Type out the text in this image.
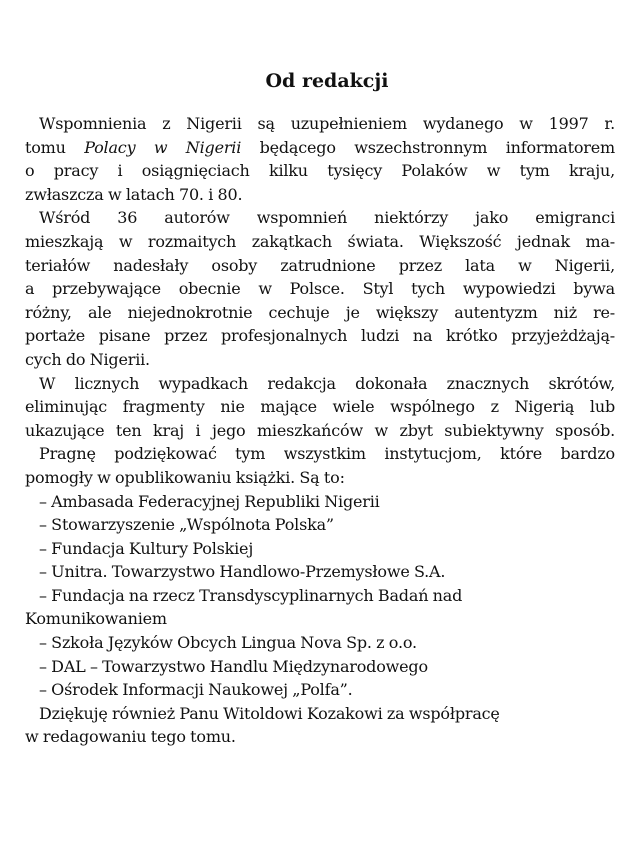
Od redakcji
Wspomnienia z Nigerii są uzupełnieniem wydanego w 1997 r.
tomu Polacy w Nigerii będącego wszechstronnym informatorem
o pracy i osiągnięciach kilku tysięcy Polaków w tym kraju,
zwłaszcza w latach 70. i 80.
Wśród 36 autorów wspomnień niektórzy jako emigranci
mieszkają w rozmaitych zakątkach świata. Większość jednak ma-
teriałów nadesłały osoby zatrudnione przez lata w Nigerii,
a przebywające obecnie w Polsce. Styl tych wypowiedzi bywa
różny, ale niejednokrotnie cechuje je większy autentyzm niż re-
portaże pisane przez profesjonalnych ludzi na krótko przyjeżdżają-
cych do Nigerii.
W licznych wypadkach redakcja dokonała znacznych skrótów,
eliminując fragmenty nie mające wiele wspólnego z Nigerią lub
ukazujące ten kraj i jego mieszkańców w zbyt subiektywny sposób.
Pragnę podziękować tym wszystkim instytucjom, które bardzo
pomogły w opublikowaniu książki. Są to:
– Ambasada Federacyjnej Republiki Nigerii
– Stowarzyszenie „Wspólnota Polska”
– Fundacja Kultury Polskiej
– Unitra. Towarzystwo Handlowo-Przemysłowe S.A.
– Fundacja na rzecz Transdyscyplinarnych Badań nad
Komunikowaniem
– Szkoła Języków Obcych Lingua Nova Sp. z o.o.
– DAL – Towarzystwo Handlu Międzynarodowego
– Ośrodek Informacji Naukowej „Polfa”.
Dziękuję również Panu Witoldowi Kozakowi za współpracę
w redagowaniu tego tomu.
